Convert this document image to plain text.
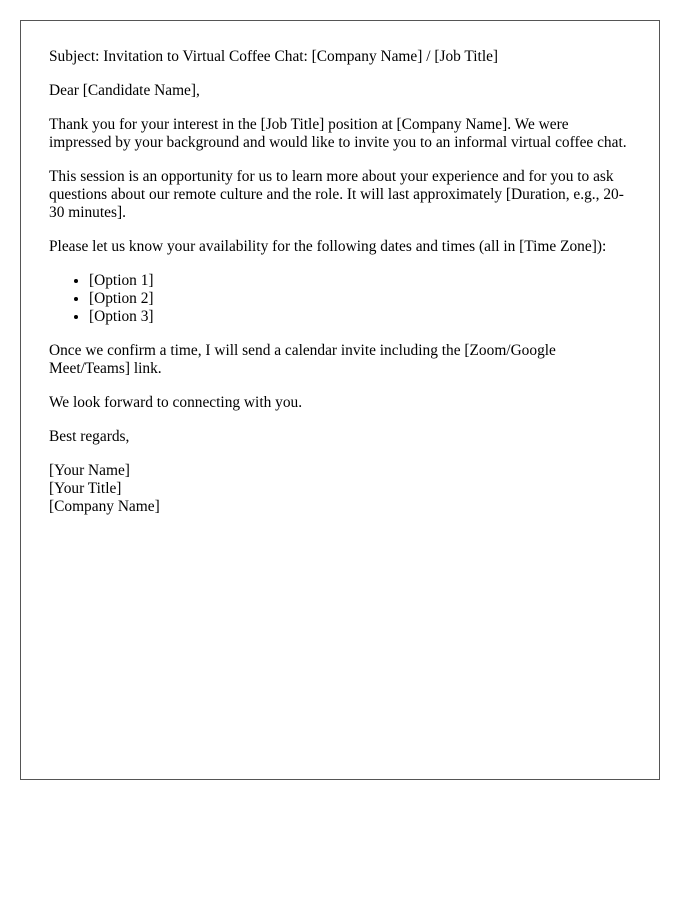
Subject: Invitation to Virtual Coffee Chat: [Company Name] / [Job Title]

Dear [Candidate Name],

Thank you for your interest in the [Job Title] position at [Company Name]. We were impressed by your background and would like to invite you to an informal virtual coffee chat.

This session is an opportunity for us to learn more about your experience and for you to ask questions about our remote culture and the role. It will last approximately [Duration, e.g., 20-30 minutes].

Please let us know your availability for the following dates and times (all in [Time Zone]):

• [Option 1]
• [Option 2]
• [Option 3]

Once we confirm a time, I will send a calendar invite including the [Zoom/Google Meet/Teams] link.

We look forward to connecting with you.

Best regards,

[Your Name]
[Your Title]
[Company Name]
